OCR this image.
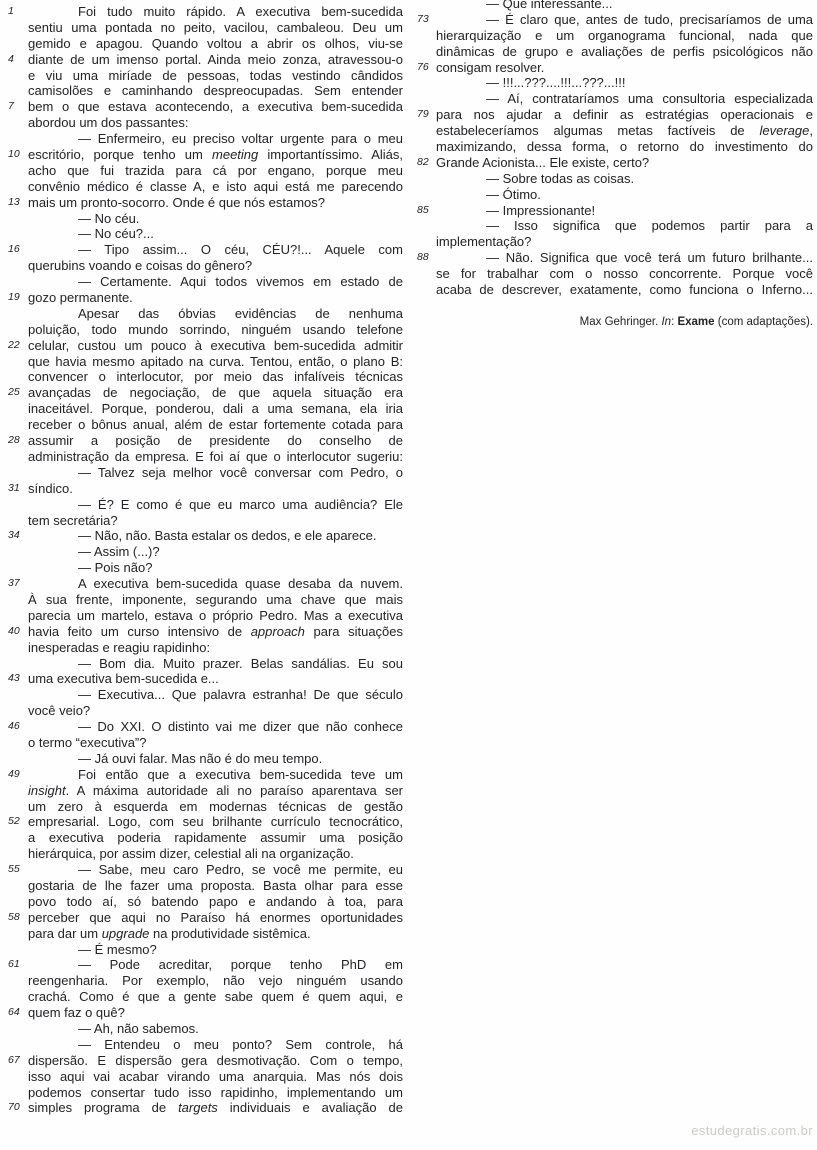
1	Foi tudo muito rápido. A executiva bem-sucedida
sentiu uma pontada no peito, vacilou, cambaleou. Deu um
gemido e apagou. Quando voltou a abrir os olhos, viu-se
4 diante de um imenso portal. Ainda meio zonza, atravessou-o
e viu uma miríade de pessoas, todas vestindo cândidos
camisolões e caminhando despreocupadas. Sem entender
7 bem o que estava acontecendo, a executiva bem-sucedida
abordou um dos passantes:
— Enfermeiro, eu preciso voltar urgente para o meu
10 escritório, porque tenho um meeting importantíssimo. Aliás,
acho que fui trazida para cá por engano, porque meu
convênio médico é classe A, e isto aqui está me parecendo
13 mais um pronto-socorro. Onde é que nós estamos?
— No céu.
— No céu?...
16	— Tipo assim... O céu, CÉU?!... Aquele com
querubins voando e coisas do gênero?
— Certamente. Aqui todos vivemos em estado de
19 gozo permanente.
Apesar das óbvias evidências de nenhuma
poluição, todo mundo sorrindo, ninguém usando telefone
22 celular, custou um pouco à executiva bem-sucedida admitir
que havia mesmo apitado na curva. Tentou, então, o plano B:
convencer o interlocutor, por meio das infalíveis técnicas
25 avançadas de negociação, de que aquela situação era
inaceitável. Porque, ponderou, dali a uma semana, ela iria
receber o bônus anual, além de estar fortemente cotada para
28 assumir a posição de presidente do conselho de
administração da empresa. E foi aí que o interlocutor sugeriu:
— Talvez seja melhor você conversar com Pedro, o
31 síndico.
— É? E como é que eu marco uma audiência? Ele
tem secretária?
34	— Não, não. Basta estalar os dedos, e ele aparece.
— Assim (...)?
— Pois não?
37	A executiva bem-sucedida quase desaba da nuvem.
À sua frente, imponente, segurando uma chave que mais
parecia um martelo, estava o próprio Pedro. Mas a executiva
40 havia feito um curso intensivo de approach para situações
inesperadas e reagiu rapidinho:
— Bom dia. Muito prazer. Belas sandálias. Eu sou
43 uma executiva bem-sucedida e...
— Executiva... Que palavra estranha! De que século
você veio?
46	— Do XXI. O distinto vai me dizer que não conhece
o termo “executiva”?
— Já ouvi falar. Mas não é do meu tempo.
49	Foi então que a executiva bem-sucedida teve um
insight. A máxima autoridade ali no paraíso aparentava ser
um zero à esquerda em modernas técnicas de gestão
52 empresarial. Logo, com seu brilhante currículo tecnocrático,
a executiva poderia rapidamente assumir uma posição
hierárquica, por assim dizer, celestial ali na organização.
55	— Sabe, meu caro Pedro, se você me permite, eu
gostaria de lhe fazer uma proposta. Basta olhar para esse
povo todo aí, só batendo papo e andando à toa, para
58 perceber que aqui no Paraíso há enormes oportunidades
para dar um upgrade na produtividade sistêmica.
— É mesmo?
61	— Pode acreditar, porque tenho PhD em
reengenharia. Por exemplo, não vejo ninguém usando
crachá. Como é que a gente sabe quem é quem aqui, e
64 quem faz o quê?
— Ah, não sabemos.
— Entendeu o meu ponto? Sem controle, há
67 dispersão. E dispersão gera desmotivação. Com o tempo,
isso aqui vai acabar virando uma anarquia. Mas nós dois
podemos consertar tudo isso rapidinho, implementando um
70 simples programa de targets individuais e avaliação de
— Que interessante...
73	— É claro que, antes de tudo, precisaríamos de uma
hierarquização e um organograma funcional, nada que
dinâmicas de grupo e avaliações de perfis psicológicos não
76 consigam resolver.
— !!!...???....!!!...???...!!!
— Aí, contrataríamos uma consultoria especializada
79 para nos ajudar a definir as estratégias operacionais e
estabeleceríamos algumas metas factíveis de leverage,
maximizando, dessa forma, o retorno do investimento do
82 Grande Acionista... Ele existe, certo?
— Sobre todas as coisas.
— Ótimo.
85	— Impressionante!
— Isso significa que podemos partir para a
implementação?
88	— Não. Significa que você terá um futuro brilhante...
se for trabalhar com o nosso concorrente. Porque você
acaba de descrever, exatamente, como funciona o Inferno...
Max Gehringer. In: Exame (com adaptações).
estudegratis.com.br
